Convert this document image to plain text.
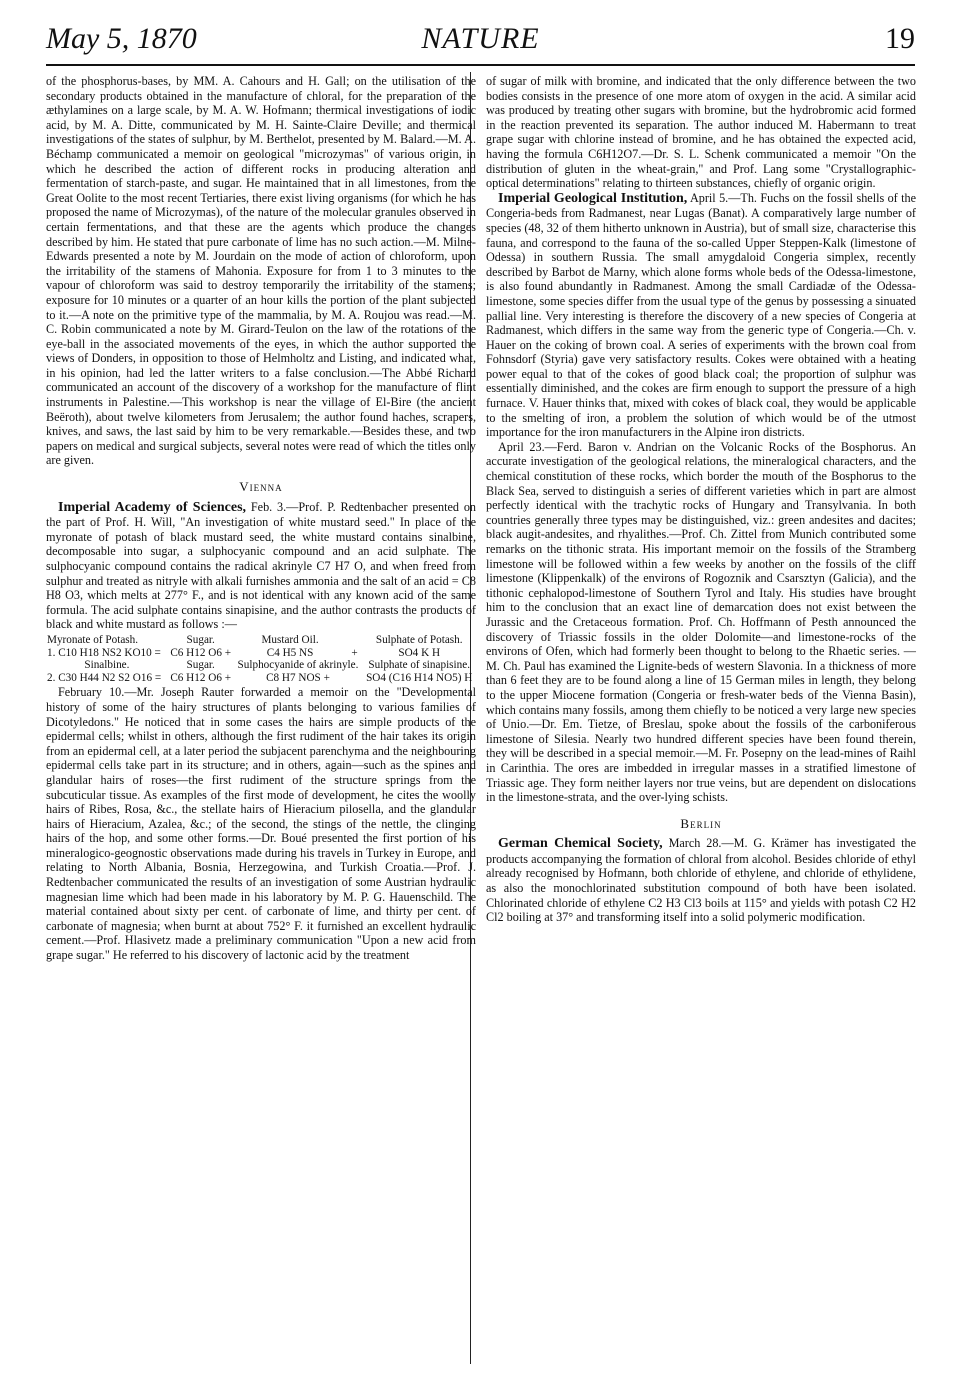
May 5, 1870	NATURE	19

of the phosphorus-bases, by MM. A. Cahours and H. Gall; on the utilisation of the secondary products obtained in the manufacture of chloral, for the preparation of the æthylamines on a large scale, by M. A. W. Hofmann; thermical investigations of iodic acid, by M. A. Ditte, communicated by M. H. Sainte-Claire Deville; and thermical investigations of the states of sulphur, by M. Berthelot, presented by M. Balard.—M. A. Béchamp communicated a memoir on geological "microzymas" of various origin, in which he described the action of different rocks in producing alteration and fermentation of starch-paste, and sugar. He maintained that in all limestones, from the Great Oolite to the most recent Tertiaries, there exist living organisms (for which he has proposed the name of Microzymas), of the nature of the molecular granules observed in certain fermentations, and that these are the agents which produce the changes described by him. He stated that pure carbonate of lime has no such action.—M. Milne-Edwards presented a note by M. Jourdain on the mode of action of chloroform, upon the irritability of the stamens of Mahonia. Exposure for from 1 to 3 minutes to the vapour of chloroform was said to destroy temporarily the irritability of the stamens; exposure for 10 minutes or a quarter of an hour kills the portion of the plant subjected to it.—A note on the primitive type of the mammalia, by M. A. Roujou was read.—M. C. Robin communicated a note by M. Girard-Teulon on the law of the rotations of the eye-ball in the associated movements of the eyes, in which the author supported the views of Donders, in opposition to those of Helmholtz and Listing, and indicated what, in his opinion, had led the latter writers to a false conclusion.—The Abbé Richard communicated an account of the discovery of a workshop for the manufacture of flint instruments in Palestine.—This workshop is near the village of El-Bire (the ancient Beëroth), about twelve kilometers from Jerusalem; the author found haches, scrapers, knives, and saws, the last said by him to be very remarkable.—Besides these, and two papers on medical and surgical subjects, several notes were read of which the titles only are given.

Vienna

Imperial Academy of Sciences, Feb. 3.—Prof. P. Redtenbacher presented on the part of Prof. H. Will, "An investigation of white mustard seed." In place of the myronate of potash of black mustard seed, the white mustard contains sinalbine, decomposable into sugar, a sulphocyanic compound and an acid sulphate. The sulphocyanic compound contains the radical akrinyle C7 H7 O, and when freed from sulphur and treated as nitryle with alkali furnishes ammonia and the salt of an acid = C8 H8 O3, which melts at 277° F., and is not identical with any known acid of the same formula. The acid sulphate contains sinapisine, and the author contrasts the products of black and white mustard as follows :—

Myronate of Potash.	Sugar.	Mustard Oil.		Sulphate of Potash.
1. C10 H18 NS2 KO10 =	C6 H12 O6 +	C4 H5 NS	+	SO4 K H
Sinalbine.	Sugar.	Sulphocyanide of akrinyle.		Sulphate of sinapisine.
2. C30 H44 N2 S2 O16 =	C6 H12 O6 +	C8 H7 NOS +		SO4 (C16 H14 NO5) H

February 10.—Mr. Joseph Rauter forwarded a memoir on the "Developmental history of some of the hairy structures of plants belonging to various families of Dicotyledons." He noticed that in some cases the hairs are simple products of the epidermal cells; whilst in others, although the first rudiment of the hair takes its origin from an epidermal cell, at a later period the subjacent parenchyma and the neighbouring epidermal cells take part in its structure; and in others, again—such as the spines and glandular hairs of roses—the first rudiment of the structure springs from the subcuticular tissue. As examples of the first mode of development, he cites the woolly hairs of Ribes, Rosa, &c., the stellate hairs of Hieracium pilosella, and the glandular hairs of Hieracium, Azalea, &c.; of the second, the stings of the nettle, the clinging hairs of the hop, and some other forms.—Dr. Boué presented the first portion of his mineralogico-geognostic observations made during his travels in Turkey in Europe, and relating to North Albania, Bosnia, Herzegowina, and Turkish Croatia.—Prof. J. Redtenbacher communicated the results of an investigation of some Austrian hydraulic magnesian lime which had been made in his laboratory by M. P. G. Hauenschild. The material contained about sixty per cent. of carbonate of lime, and thirty per cent. of carbonate of magnesia; when burnt at about 752° F. it furnished an excellent hydraulic cement.—Prof. Hlasivetz made a preliminary communication "Upon a new acid from grape sugar." He referred to his discovery of lactonic acid by the treatment

of sugar of milk with bromine, and indicated that the only difference between the two bodies consists in the presence of one more atom of oxygen in the acid. A similar acid was produced by treating other sugars with bromine, but the hydrobromic acid formed in the reaction prevented its separation. The author induced M. Habermann to treat grape sugar with chlorine instead of bromine, and he has obtained the expected acid, having the formula C6H12O7.—Dr. S. L. Schenk communicated a memoir "On the distribution of gluten in the wheat-grain," and Prof. Lang some "Crystallographic-optical determinations" relating to thirteen substances, chiefly of organic origin.

Imperial Geological Institution, April 5.—Th. Fuchs on the fossil shells of the Congeria-beds from Radmanest, near Lugas (Banat). A comparatively large number of species (48, 32 of them hitherto unknown in Austria), but of small size, characterise this fauna, and correspond to the fauna of the so-called Upper Steppen-Kalk (limestone of Odessa) in southern Russia. The small amygdaloid Congeria simplex, recently described by Barbot de Marny, which alone forms whole beds of the Odessa-limestone, is also found abundantly in Radmanest. Among the small Cardiadæ of the Odessa-limestone, some species differ from the usual type of the genus by possessing a sinuated pallial line. Very interesting is therefore the discovery of a new species of Congeria at Radmanest, which differs in the same way from the generic type of Congeria.—Ch. v. Hauer on the coking of brown coal. A series of experiments with the brown coal from Fohnsdorf (Styria) gave very satisfactory results. Cokes were obtained with a heating power equal to that of the cokes of good black coal; the proportion of sulphur was essentially diminished, and the cokes are firm enough to support the pressure of a high furnace. V. Hauer thinks that, mixed with cokes of black coal, they would be applicable to the smelting of iron, a problem the solution of which would be of the utmost importance for the iron manufacturers in the Alpine iron districts.

April 23.—Ferd. Baron v. Andrian on the Volcanic Rocks of the Bosphorus. An accurate investigation of the geological relations, the mineralogical characters, and the chemical constitution of these rocks, which border the mouth of the Bosphorus to the Black Sea, served to distinguish a series of different varieties which in part are almost perfectly identical with the trachytic rocks of Hungary and Transylvania. In both countries generally three types may be distinguished, viz.: green andesites and dacites; black augit-andesites, and rhyalithes.—Prof. Ch. Zittel from Munich contributed some remarks on the tithonic strata. His important memoir on the fossils of the Stramberg limestone will be followed within a few weeks by another on the fossils of the cliff limestone (Klippenkalk) of the environs of Rogoznik and Csarsztyn (Galicia), and the tithonic cephalopod-limestone of Southern Tyrol and Italy. His studies have brought him to the conclusion that an exact line of demarcation does not exist between the Jurassic and the Cretaceous formation. Prof. Ch. Hoffmann of Pesth announced the discovery of Triassic fossils in the older Dolomite—and limestone-rocks of the environs of Ofen, which had formerly been thought to belong to the Rhaetic series. — M. Ch. Paul has examined the Lignite-beds of western Slavonia. In a thickness of more than 6 feet they are to be found along a line of 15 German miles in length, they belong to the upper Miocene formation (Congeria or fresh-water beds of the Vienna Basin), which contains many fossils, among them chiefly to be noticed a very large new species of Unio.—Dr. Em. Tietze, of Breslau, spoke about the fossils of the carboniferous limestone of Silesia. Nearly two hundred different species have been found therein, they will be described in a special memoir.—M. Fr. Posepny on the lead-mines of Raihl in Carinthia. The ores are imbedded in irregular masses in a stratified limestone of Triassic age. They form neither layers nor true veins, but are dependent on dislocations in the limestone-strata, and the over-lying schists.

Berlin

German Chemical Society, March 28.—M. G. Krämer has investigated the products accompanying the formation of chloral from alcohol. Besides chloride of ethyl already recognised by Hofmann, both chloride of ethylene, and chloride of ethylidene, as also the monochlorinated substitution compound of both have been isolated. Chlorinated chloride of ethylene C2 H3 Cl3 boils at 115° and yields with potash C2 H2 Cl2 boiling at 37° and transforming itself into a solid polymeric modification.
